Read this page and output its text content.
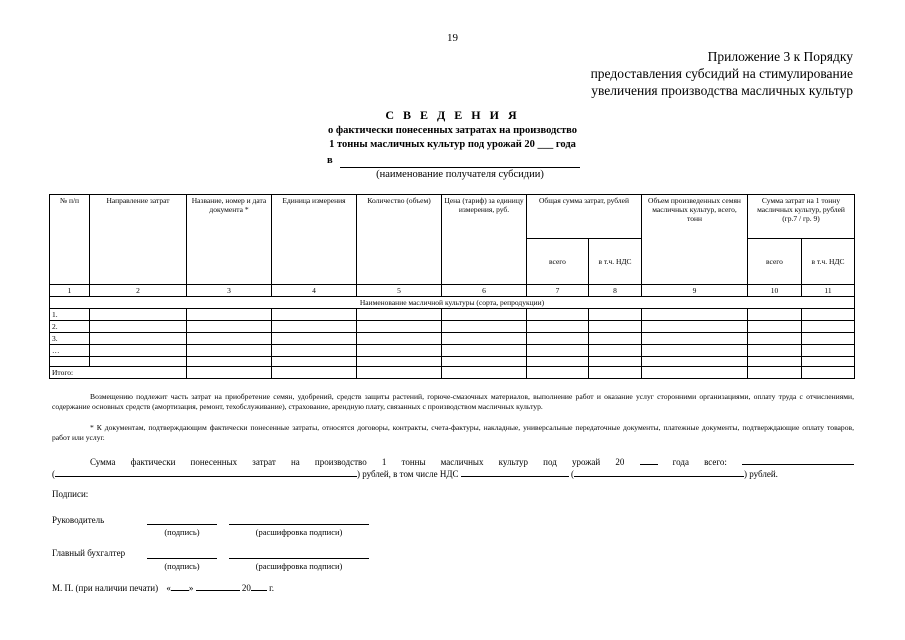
19
Приложение 3 к Порядку
предоставления субсидий на стимулирование
увеличения производства масличных культур
С В Е Д Е Н И Я
о фактически понесенных затратах на производство
1 тонны масличных культур под урожай 20 ___ года
в
(наименование получателя субсидии)
№ п/п	Направление затрат	Название, номер и дата документа *	Единица измерения	Количество (объем)	Цена (тариф) за единицу измерения, руб.	Общая сумма затрат, рублей		Объем произведенных семян масличных культур, всего, тонн	Сумма затрат на 1 тонну масличных культур, рублей (гр.7 / гр. 9)	
						всего	в т.ч. НДС		всего	в т.ч. НДС
1	2	3	4	5	6	7	8	9	10	11
Наименование масличной культуры (сорта, репродукции)										
1.										
2.										
3.										
…										

Итого:										
Возмещению подлежит часть затрат на приобретение семян, удобрений, средств защиты растений, горюче-смазочных материалов, выполнение работ и оказание услуг сторонними организациями, оплату труда с отчислениями, содержание основных средств (амортизация, ремонт, техобслуживание), страхование, арендную плату, связанных с производством масличных культур.
* К документам, подтверждающим фактически понесенные затраты, относятся договоры, контракты, счета-фактуры, накладные, универсальные передаточные документы, платежные документы, подтверждающие оплату товаров, работ или услуг.
Сумма фактически понесенных затрат на производство 1 тонны масличных культур под урожай 20	года всего:
(	) рублей, в том числе НДС	(	) рублей.
Подписи:
Руководитель
(подпись)	(расшифровка подписи)
Главный бухгалтер
(подпись)	(расшифровка подписи)
М. П. (при наличии печати) « »	20 г.
